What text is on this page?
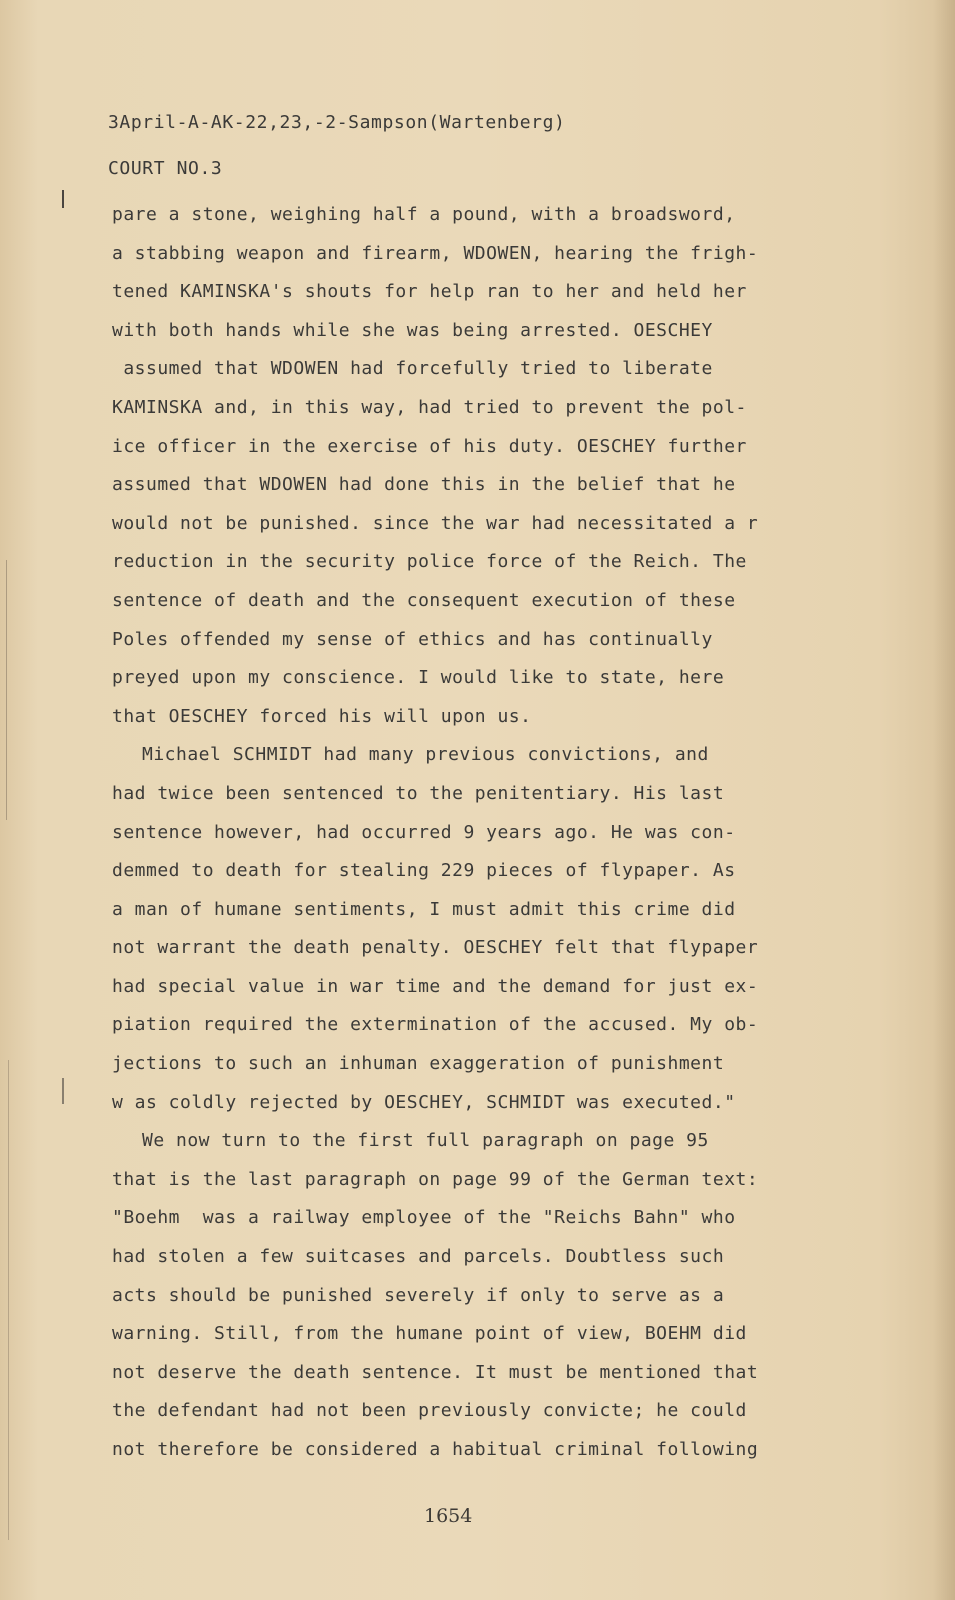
3April-A-AK-22,23,-2-Sampson(Wartenberg)
COURT NO.3
pare a stone, weighing half a pound, with a broadsword,
a stabbing weapon and firearm, WDOWEN, hearing the frigh-
tened KAMINSKA's shouts for help ran to her and held her
with both hands while she was being arrested. OESCHEY
assumed that WDOWEN had forcefully tried to liberate
KAMINSKA and, in this way, had tried to prevent the pol-
ice officer in the exercise of his duty. OESCHEY further
assumed that WDOWEN had done this in the belief that he
would not be punished. since the war had necessitated a r
reduction in the security police force of the Reich. The
sentence of death and the consequent execution of these
Poles offended my sense of ethics and has continually
preyed upon my conscience. I would like to state, here
that OESCHEY forced his will upon us.
Michael SCHMIDT had many previous convictions, and
had twice been sentenced to the penitentiary. His last
sentence however, had occurred 9 years ago. He was con-
demmed to death for stealing 229 pieces of flypaper. As
a man of humane sentiments, I must admit this crime did
not warrant the death penalty. OESCHEY felt that flypaper
had special value in war time and the demand for just ex-
piation required the extermination of the accused. My ob-
jections to such an inhuman exaggeration of punishment
w as coldly rejected by OESCHEY, SCHMIDT was executed."
We now turn to the first full paragraph on page 95
that is the last paragraph on page 99 of the German text:
"Boehm  was a railway employee of the "Reichs Bahn" who
had stolen a few suitcases and parcels. Doubtless such
acts should be punished severely if only to serve as a
warning. Still, from the humane point of view, BOEHM did
not deserve the death sentence. It must be mentioned that
the defendant had not been previously convicte; he could
not therefore be considered a habitual criminal following
1654
